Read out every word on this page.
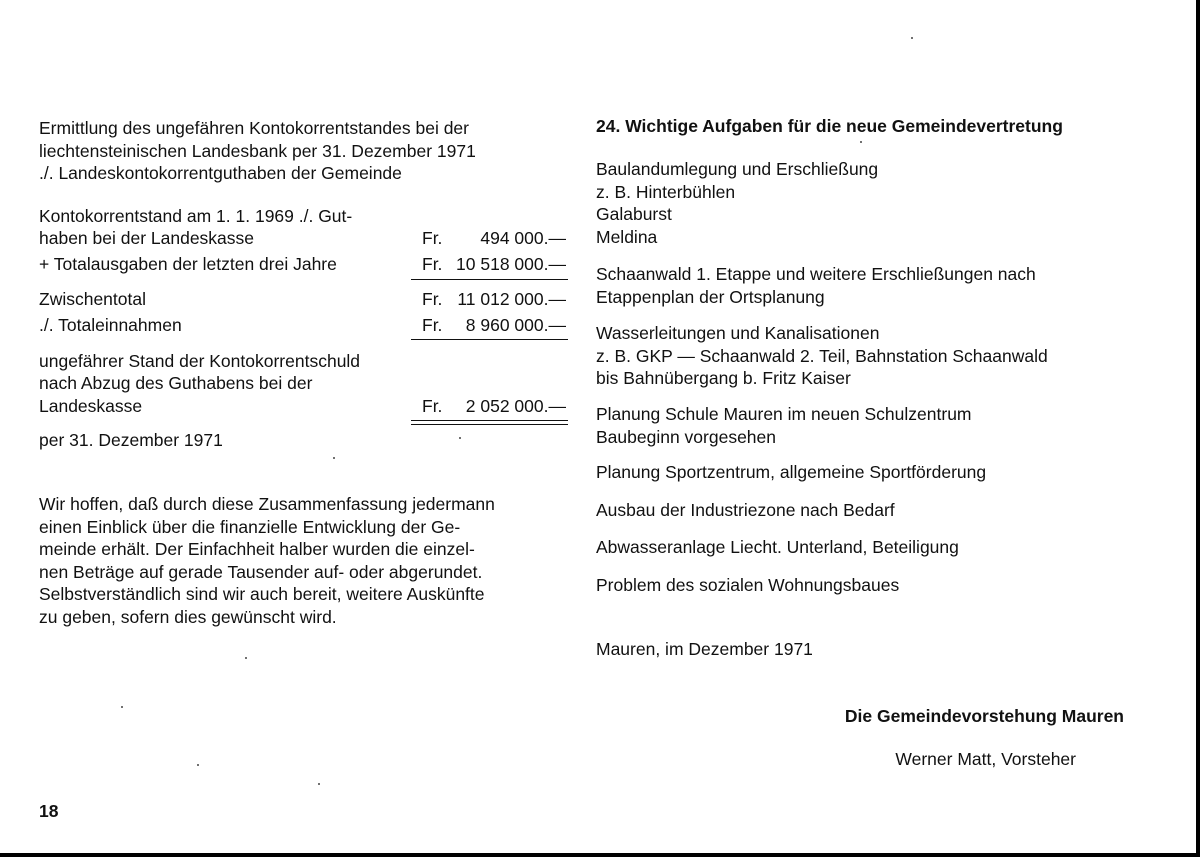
Ermittlung des ungefähren Kontokorrentstandes bei der
liechtensteinischen Landesbank per 31. Dezember 1971
./. Landeskontokorrentguthaben der Gemeinde
Kontokorrentstand am 1. 1. 1969 ./. Gut-
haben bei der Landeskasse	Fr. 494 000.—
+ Totalausgaben der letzten drei Jahre	Fr. 10 518 000.—
Zwischentotal	Fr. 11 012 000.—
./. Totaleinnahmen	Fr. 8 960 000.—
ungefährer Stand der Kontokorrentschuld
nach Abzug des Guthabens bei der
Landeskasse	Fr. 2 052 000.—
per 31. Dezember 1971
Wir hoffen, daß durch diese Zusammenfassung jedermann
einen Einblick über die finanzielle Entwicklung der Ge-
meinde erhält. Der Einfachheit halber wurden die einzel-
nen Beträge auf gerade Tausender auf- oder abgerundet.
Selbstverständlich sind wir auch bereit, weitere Auskünfte
zu geben, sofern dies gewünscht wird.
18
24. Wichtige Aufgaben für die neue Gemeindevertretung
Baulandumlegung und Erschließung
z. B. Hinterbühlen
Galaburst
Meldina
Schaanwald 1. Etappe und weitere Erschließungen nach
Etappenplan der Ortsplanung
Wasserleitungen und Kanalisationen
z. B. GKP — Schaanwald 2. Teil, Bahnstation Schaanwald
bis Bahnübergang b. Fritz Kaiser
Planung Schule Mauren im neuen Schulzentrum
Baubeginn vorgesehen
Planung Sportzentrum, allgemeine Sportförderung
Ausbau der Industriezone nach Bedarf
Abwasseranlage Liecht. Unterland, Beteiligung
Problem des sozialen Wohnungsbaues
Mauren, im Dezember 1971
Die Gemeindevorstehung Mauren
Werner Matt, Vorsteher
